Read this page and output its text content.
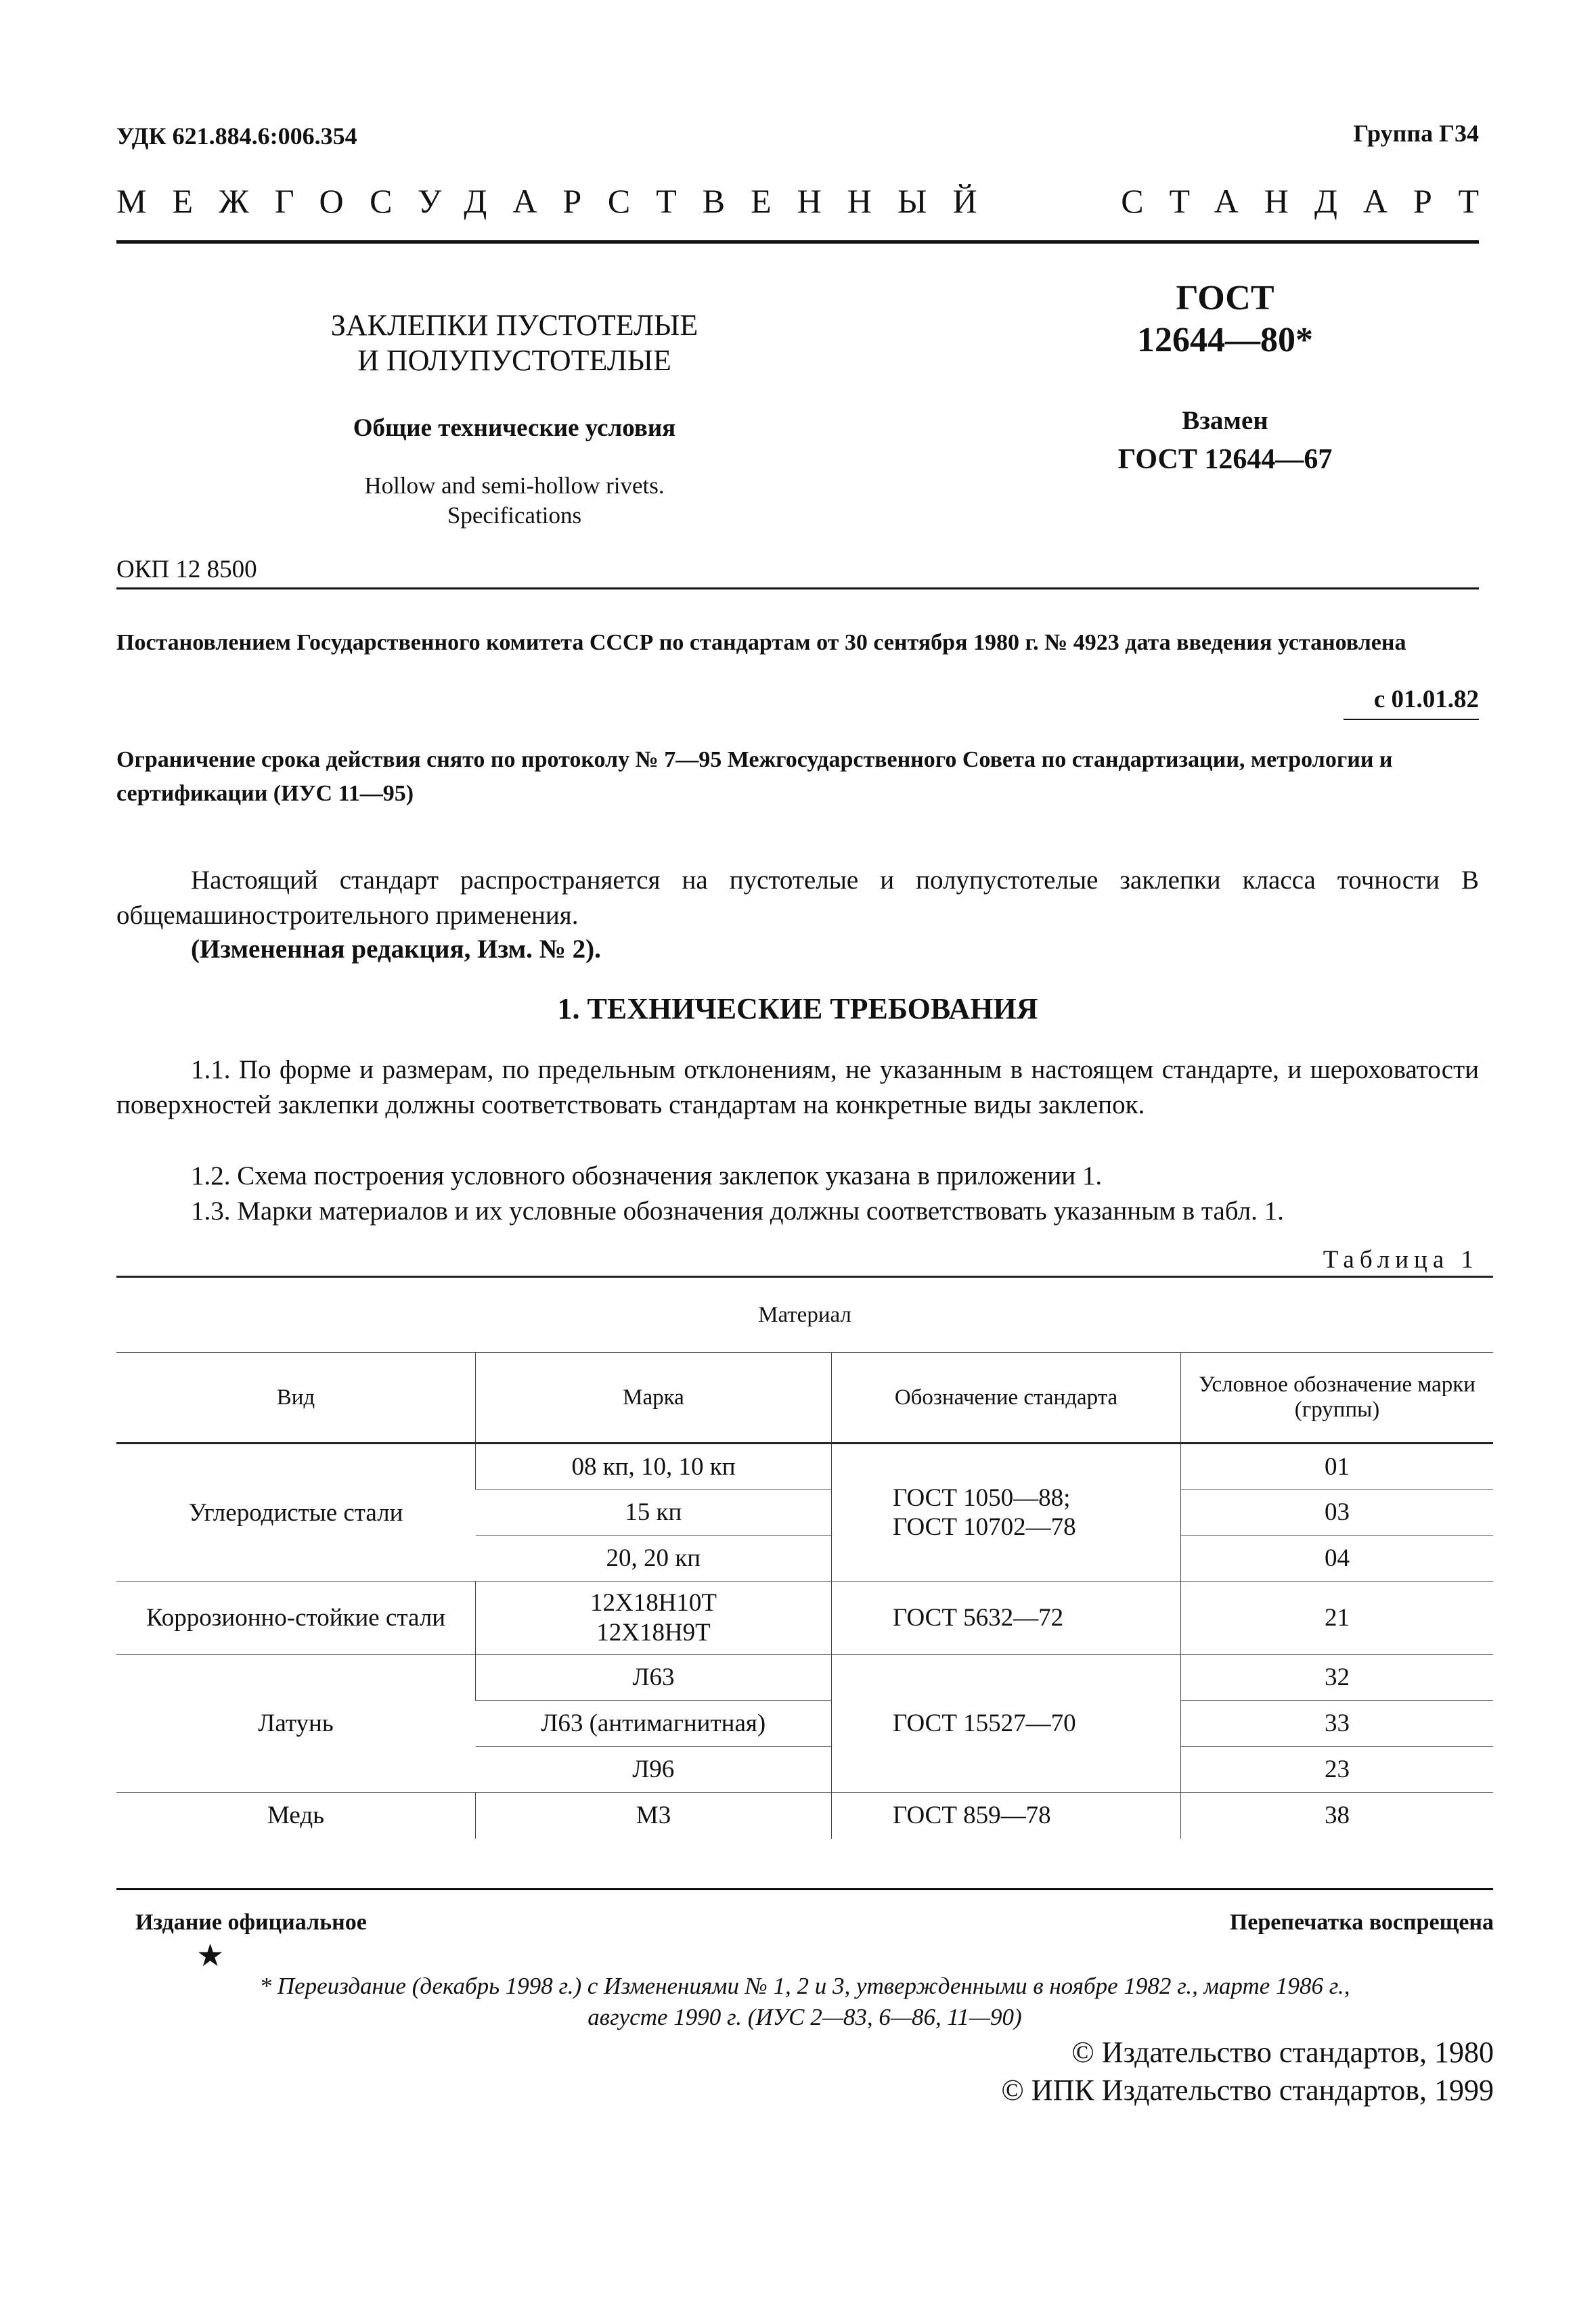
УДК 621.884.6:006.354	Группа Г34
МЕЖГОСУДАРСТВЕННЫЙ	СТАНДАРТ
ЗАКЛЕПКИ ПУСТОТЕЛЫЕ
И ПОЛУПУСТОТЕЛЫЕ
Общие технические условия
Hollow and semi-hollow rivets.
Specifications
ГОСТ
12644—80*
Взамен
ГОСТ 12644—67
ОКП 12 8500

Постановлением Государственного комитета СССР по стандартам от 30 сентября 1980 г. № 4923 дата введения установлена

с 01.01.82

Ограничение срока действия снято по протоколу № 7—95 Межгосударственного Совета по стандартизации, метрологии и сертификации (ИУС 11—95)

Настоящий стандарт распространяется на пустотелые и полупустотелые заклепки класса точности В общемашиностроительного применения.

(Измененная редакция, Изм. № 2).
1. ТЕХНИЧЕСКИЕ ТРЕБОВАНИЯ

1.1. По форме и размерам, по предельным отклонениям, не указанным в настоящем стандарте, и шероховатости поверхностей заклепки должны соответствовать стандартам на конкретные виды заклепок.

1.2. Схема построения условного обозначения заклепок указана в приложении 1.

1.3. Марки материалов и их условные обозначения должны соответствовать указанным в табл. 1.

Таблица 1
Материал			
Вид	Марка	Обозначение стандарта	Условное обозначение марки (группы)
Углеродистые стали	08 кп, 10, 10 кп	ГОСТ 1050—88;
ГОСТ 10702—78	01
	15 кп		03
	20, 20 кп		04
Коррозионно-стойкие стали	12Х18Н10Т
12Х18Н9Т	ГОСТ 5632—72	21
Латунь	Л63	ГОСТ 15527—70	32
	Л63 (антимагнитная)		33
	Л96		23
Медь	М3	ГОСТ 859—78	38
Издание официальное
★
Перепечатка воспрещена
* Переиздание (декабрь 1998 г.) с Изменениями № 1, 2 и 3, утвержденными в ноябре 1982 г., марте 1986 г.,
августе 1990 г. (ИУС 2—83, 6—86, 11—90)
© Издательство стандартов, 1980
© ИПК Издательство стандартов, 1999
